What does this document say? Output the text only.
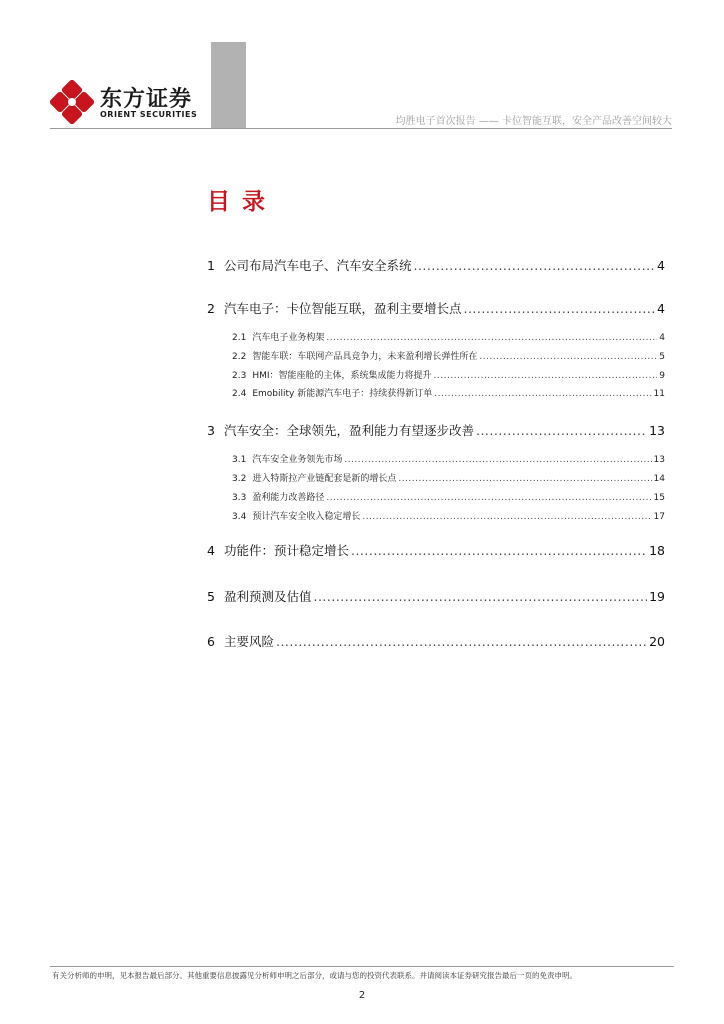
东方证券
ORIENT SECURITIES
均胜电子首次报告 —— 卡位智能互联，安全产品改善空间较大
目录
1 公司布局汽车电子、汽车安全系统 .....	4
2 汽车电子：卡位智能互联，盈利主要增长点 .....	4
2.1 汽车电子业务构架 .....	4
2.2 智能车联：车联网产品具竞争力，未来盈利增长弹性所在 .....	5
2.3 HMI：智能座舱的主体，系统集成能力将提升 .....	9
2.4 Emobility 新能源汽车电子：持续获得新订单 .....	11
3 汽车安全：全球领先，盈利能力有望逐步改善 .....	13
3.1 汽车安全业务领先市场 .....	13
3.2 进入特斯拉产业链配套是新的增长点 .....	14
3.3 盈利能力改善路径 .....	15
3.4 预计汽车安全收入稳定增长 .....	17
4 功能件：预计稳定增长 .....	18
5 盈利预测及估值 .....	19
6 主要风险 .....	20
有关分析师的申明，见本报告最后部分。其他重要信息披露见分析师申明之后部分，或请与您的投资代表联系。并请阅读本证券研究报告最后一页的免责申明。
2
